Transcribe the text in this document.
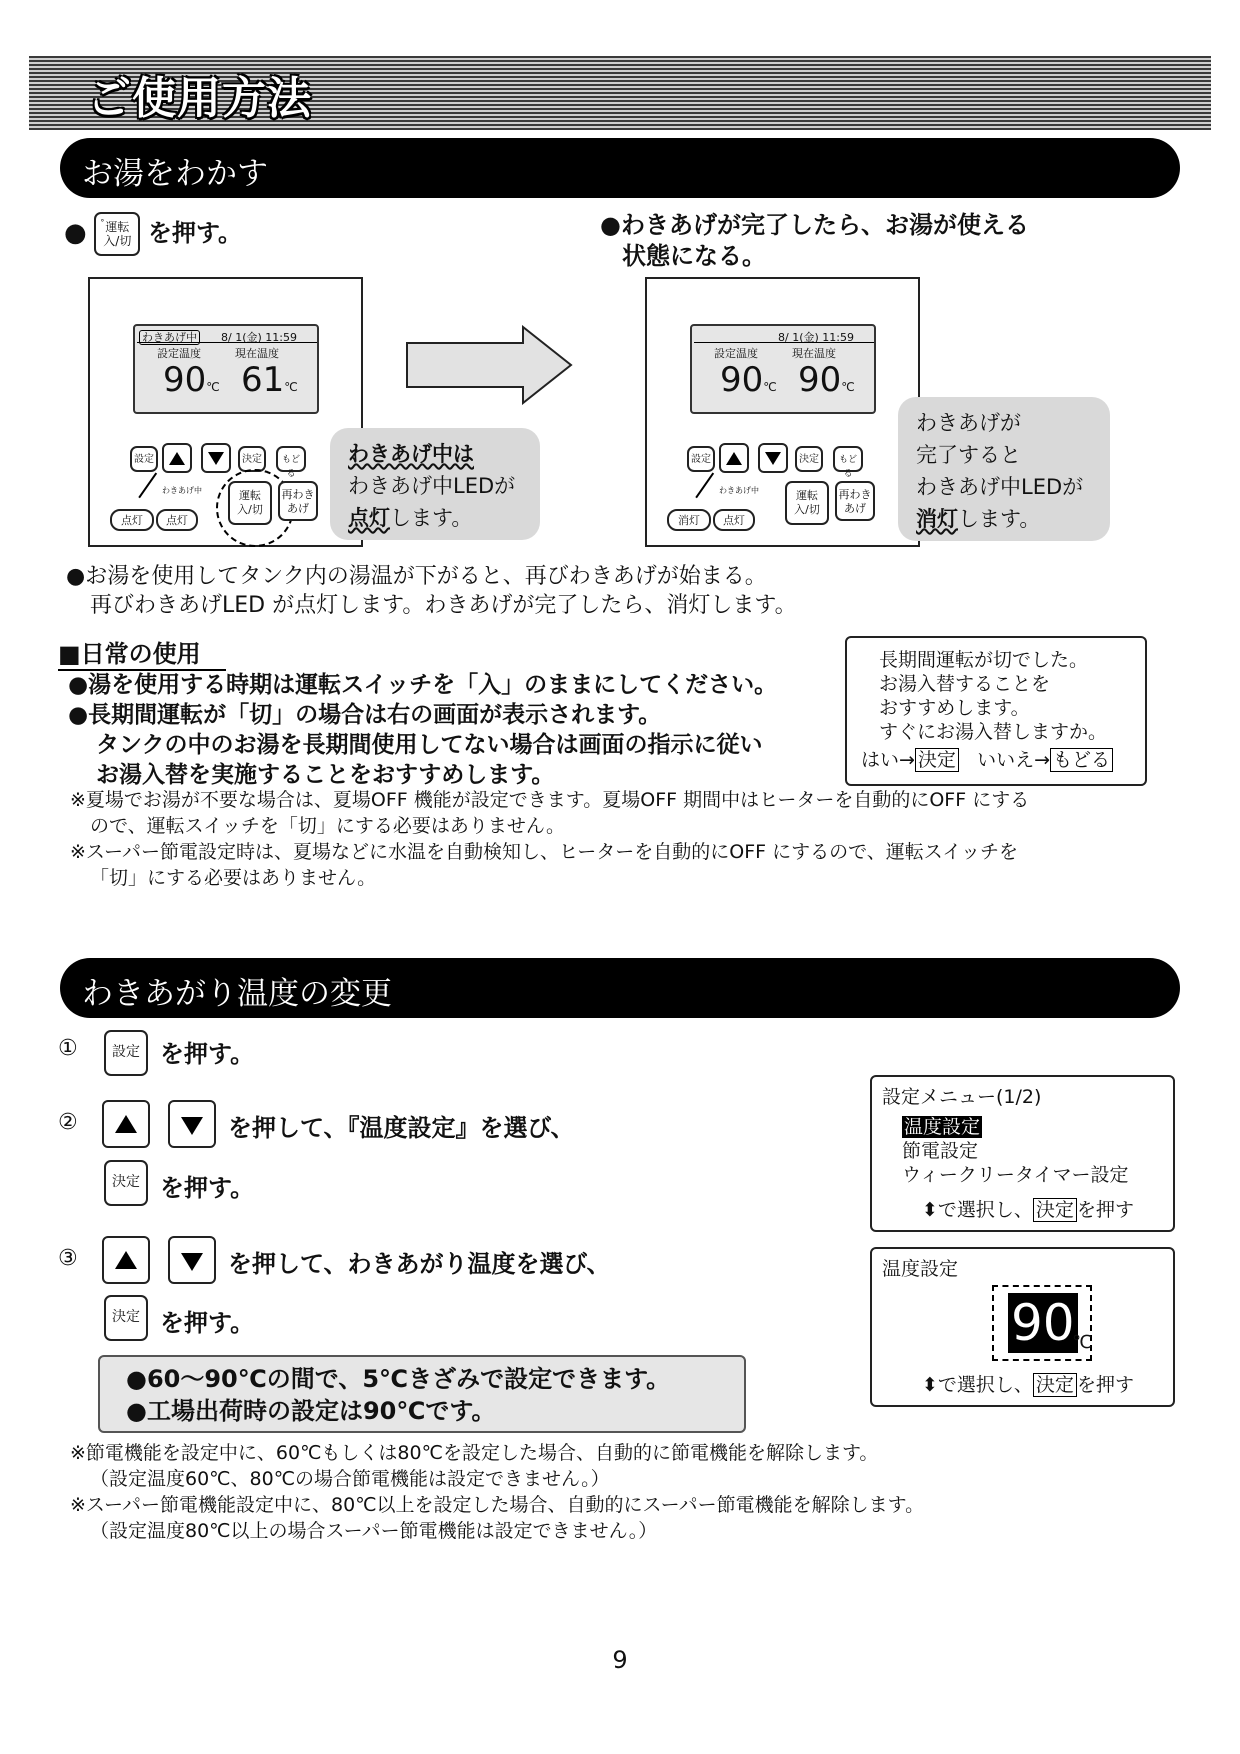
ご使用方法
お湯をわかす
● ° 運転
入/切 を押す。	●わきあげが完了したら、お湯が使える
状態になる。
わきあげ中 8/ 1(金) 11:59
設定温度	現在温度
90℃ 61℃
設定	決定	もどる
わきあげ中
点灯	点灯
運転
入/切
再わき
あげ
わきあげ中は
わきあげ中LEDが
点灯します。
8/ 1(金) 11:59
設定温度	現在温度
90℃ 90℃
設定	決定	もどる
わきあげ中
消灯	点灯
運転
入/切
再わき
あげ
わきあげが
完了すると
わきあげ中LEDが
消灯します。
●お湯を使用してタンク内の湯温が下がると、再びわきあげが始まる。
再びわきあげLED が点灯します。わきあげが完了したら、消灯します。
■日常の使用
●湯を使用する時期は運転スイッチを「入」のままにしてください。
●長期間運転が「切」の場合は右の画面が表示されます。
タンクの中のお湯を長期間使用してない場合は画面の指示に従い
お湯入替を実施することをおすすめします。
長期間運転が切でした。
お湯入替することを
おすすめします。
すぐにお湯入替しますか。
はい→ 決定 いいえ→ もどる
※夏場でお湯が不要な場合は、夏場OFF 機能が設定できます。夏場OFF 期間中はヒーターを自動的にOFF にする
ので、運転スイッチを「切」にする必要はありません。
※スーパー節電設定時は、夏場などに水温を自動検知し、ヒーターを自動的にOFF にするので、運転スイッチを
「切」にする必要はありません。
わきあがり温度の変更
①	設定 を押す。
②	を押して、『温度設定』を選び、
決定 を押す。
③	を押して、わきあがり温度を選び、
決定 を押す。
●60～90℃の間で、5℃きざみで設定できます。
●工場出荷時の設定は90℃です。
設定メニュー(1/2)
温度設定
節電設定
ウィークリータイマー設定
⬍で選択し、 決定 を押す
温度設定
90
℃
⬍で選択し、 決定 を押す
※節電機能を設定中に、60℃もしくは80℃を設定した場合、自動的に節電機能を解除します。
（設定温度60℃、80℃の場合節電機能は設定できません。）
※スーパー節電機能設定中に、80℃以上を設定した場合、自動的にスーパー節電機能を解除します。
（設定温度80℃以上の場合スーパー節電機能は設定できません。）
9
